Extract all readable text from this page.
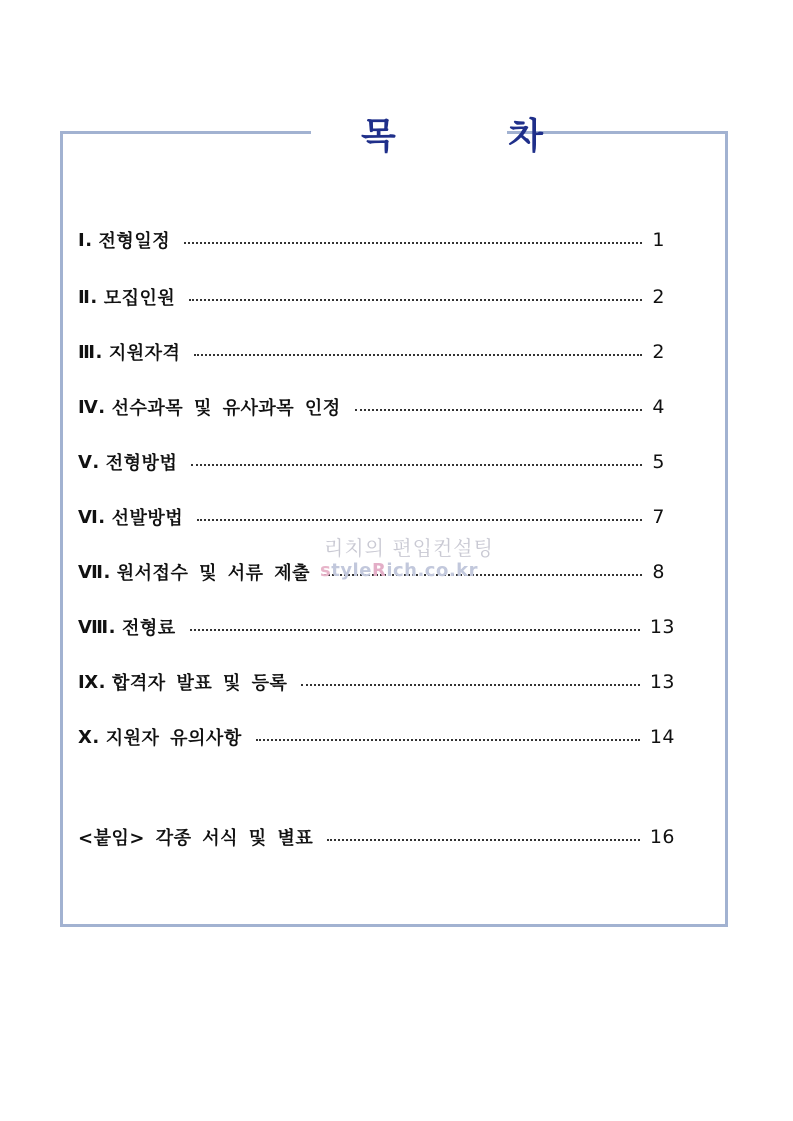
목 차
Ⅰ. 전형일정	1
Ⅱ. 모집인원	2
Ⅲ. 지원자격	2
Ⅳ. 선수과목 및 유사과목 인정	4
Ⅴ. 전형방법	5
Ⅵ. 선발방법	7
Ⅶ. 원서접수 및 서류 제출	8
Ⅷ. 전형료	13
Ⅸ. 합격자 발표 및 등록	13
Ⅹ. 지원자 유의사항	14
<붙임> 각종 서식 및 별표	16
리치의 편입컨설팅
styleRich.co.kr
